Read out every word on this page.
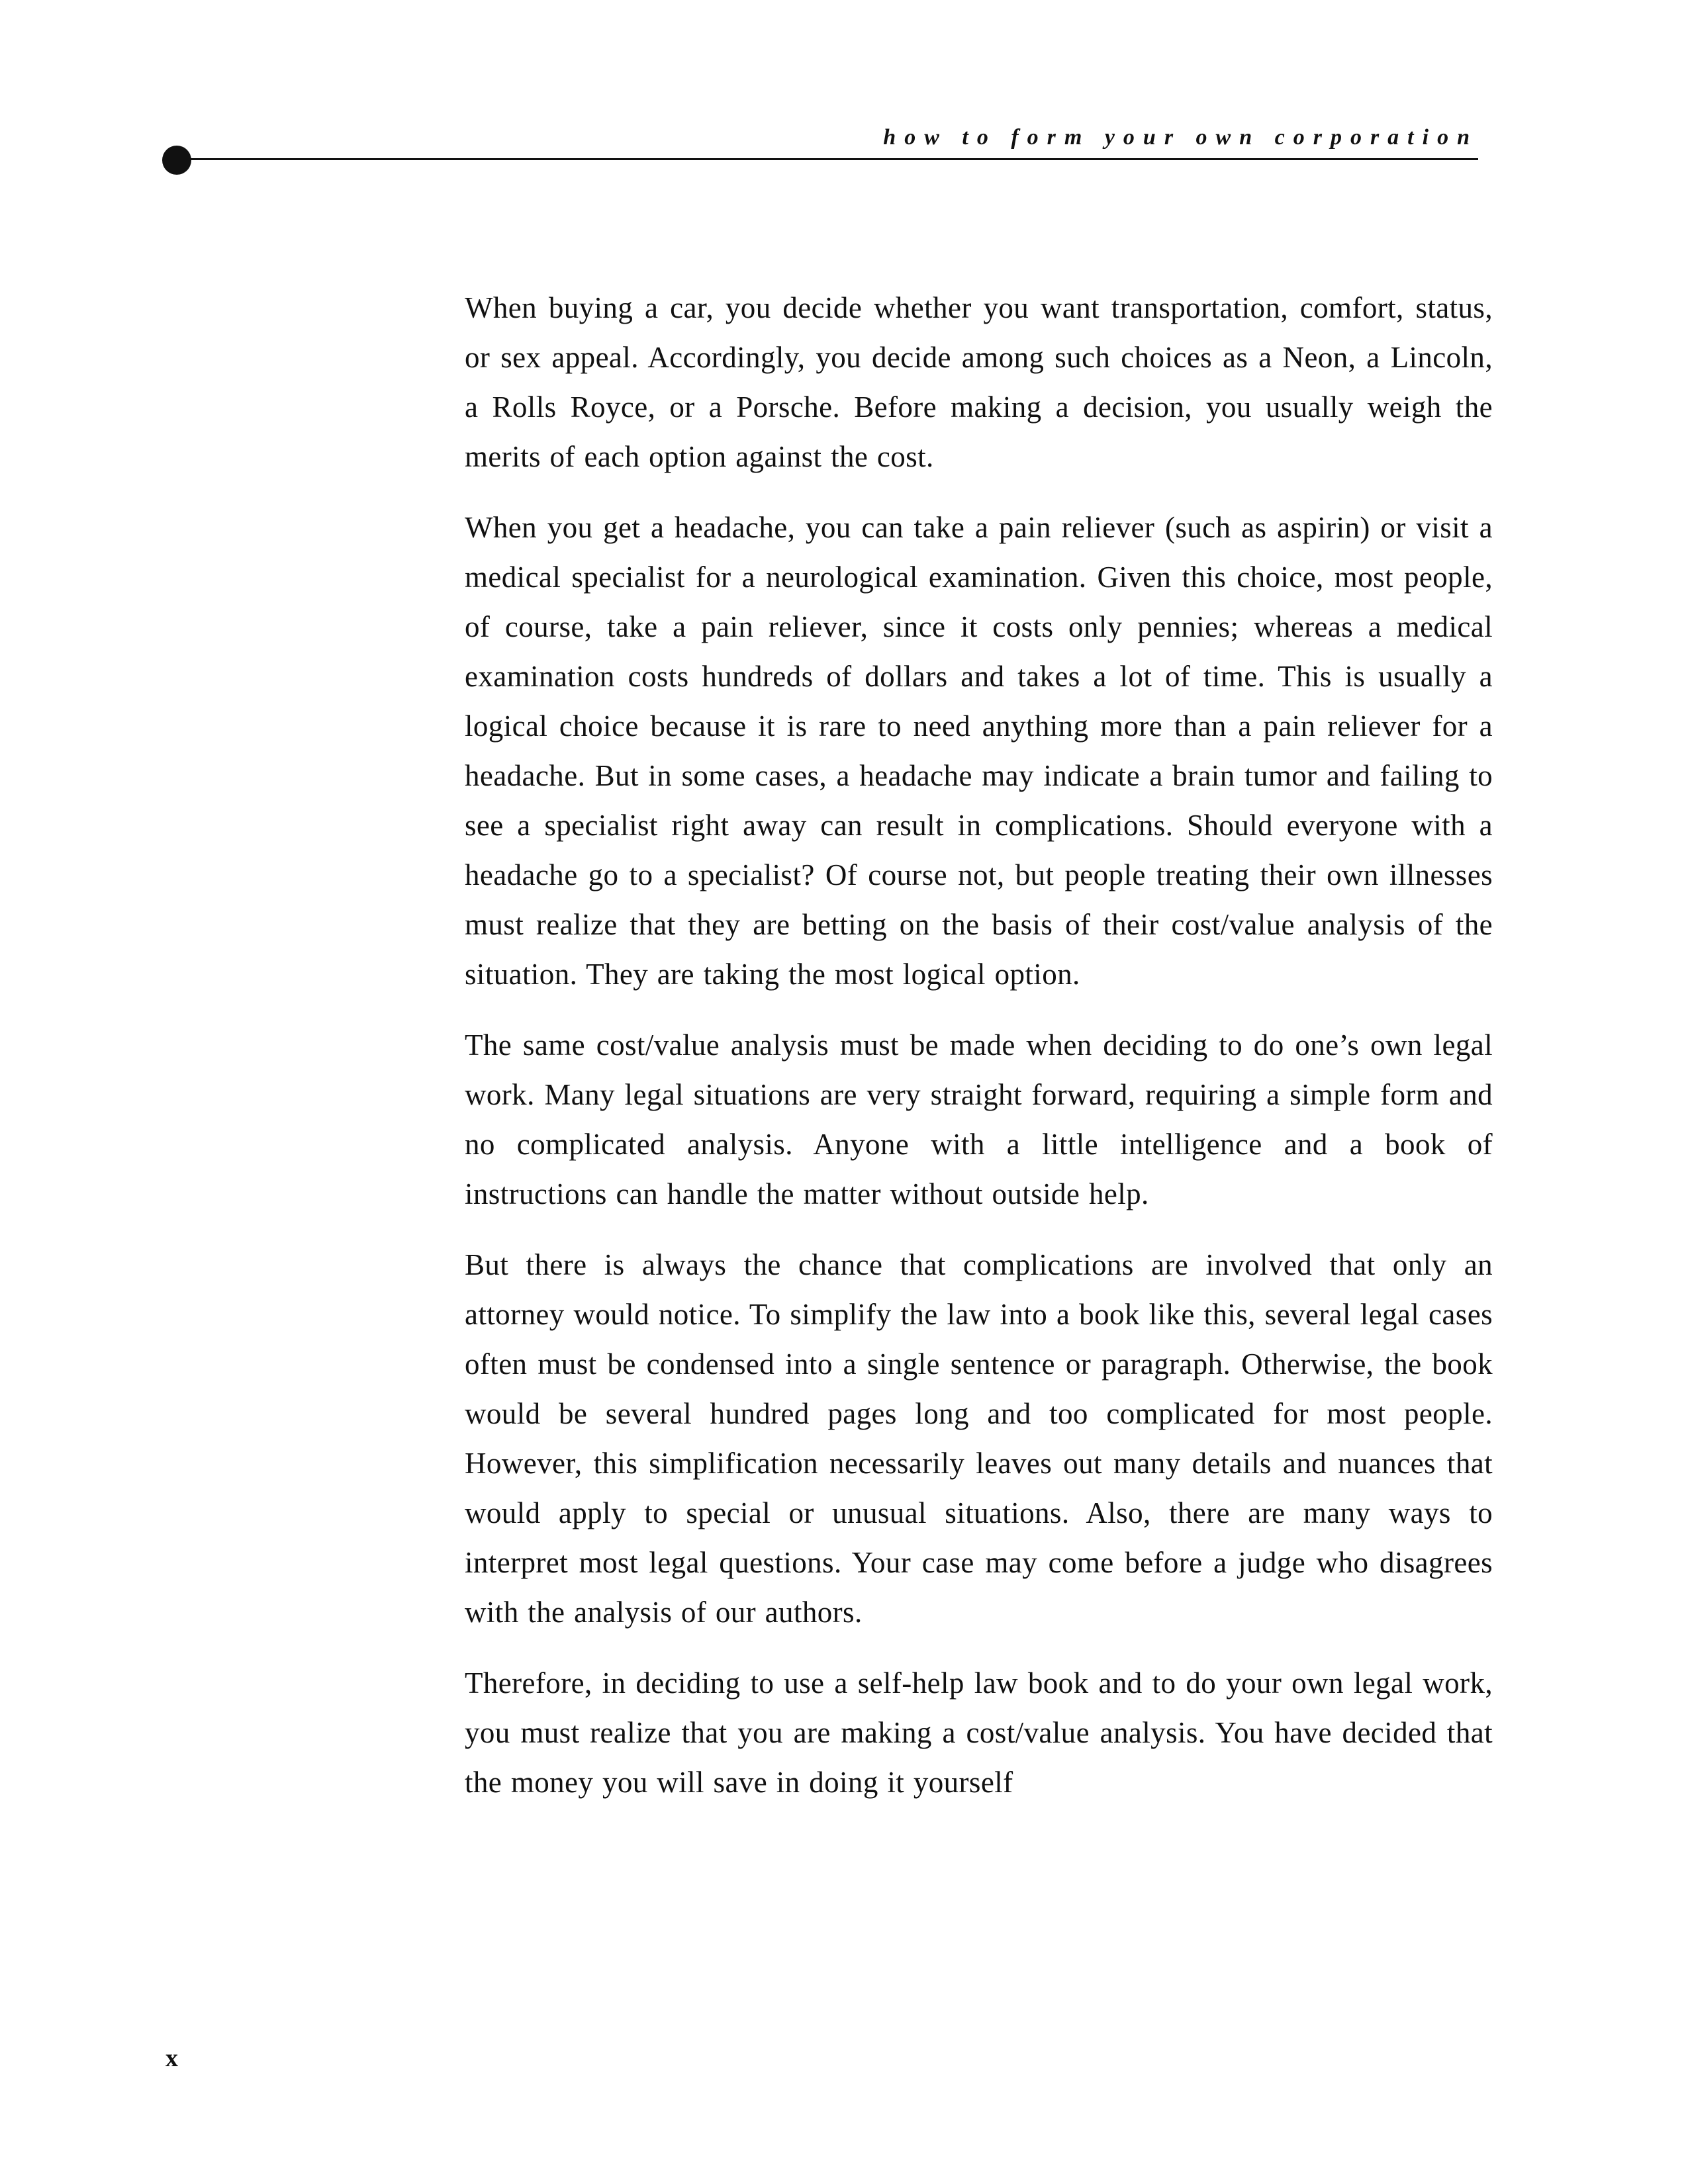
how to form your own corporation

When buying a car, you decide whether you want transportation, comfort, status, or sex appeal. Accordingly, you decide among such choices as a Neon, a Lincoln, a Rolls Royce, or a Porsche. Before making a decision, you usually weigh the merits of each option against the cost.

When you get a headache, you can take a pain reliever (such as aspirin) or visit a medical specialist for a neurological examination. Given this choice, most people, of course, take a pain reliever, since it costs only pennies; whereas a medical examination costs hundreds of dollars and takes a lot of time. This is usually a logical choice because it is rare to need anything more than a pain reliever for a headache. But in some cases, a headache may indicate a brain tumor and failing to see a specialist right away can result in complications. Should everyone with a headache go to a specialist? Of course not, but people treating their own illnesses must realize that they are betting on the basis of their cost/value analysis of the situation. They are taking the most logical option.

The same cost/value analysis must be made when deciding to do one’s own legal work. Many legal situations are very straight forward, requiring a simple form and no complicated analysis. Anyone with a little intelligence and a book of instructions can handle the matter without outside help.

But there is always the chance that complications are involved that only an attorney would notice. To simplify the law into a book like this, several legal cases often must be condensed into a single sentence or paragraph. Otherwise, the book would be several hundred pages long and too complicated for most people. However, this simplification necessarily leaves out many details and nuances that would apply to special or unusual situations. Also, there are many ways to interpret most legal questions. Your case may come before a judge who disagrees with the analysis of our authors.

Therefore, in deciding to use a self-help law book and to do your own legal work, you must realize that you are making a cost/value analysis. You have decided that the money you will save in doing it yourself

x
